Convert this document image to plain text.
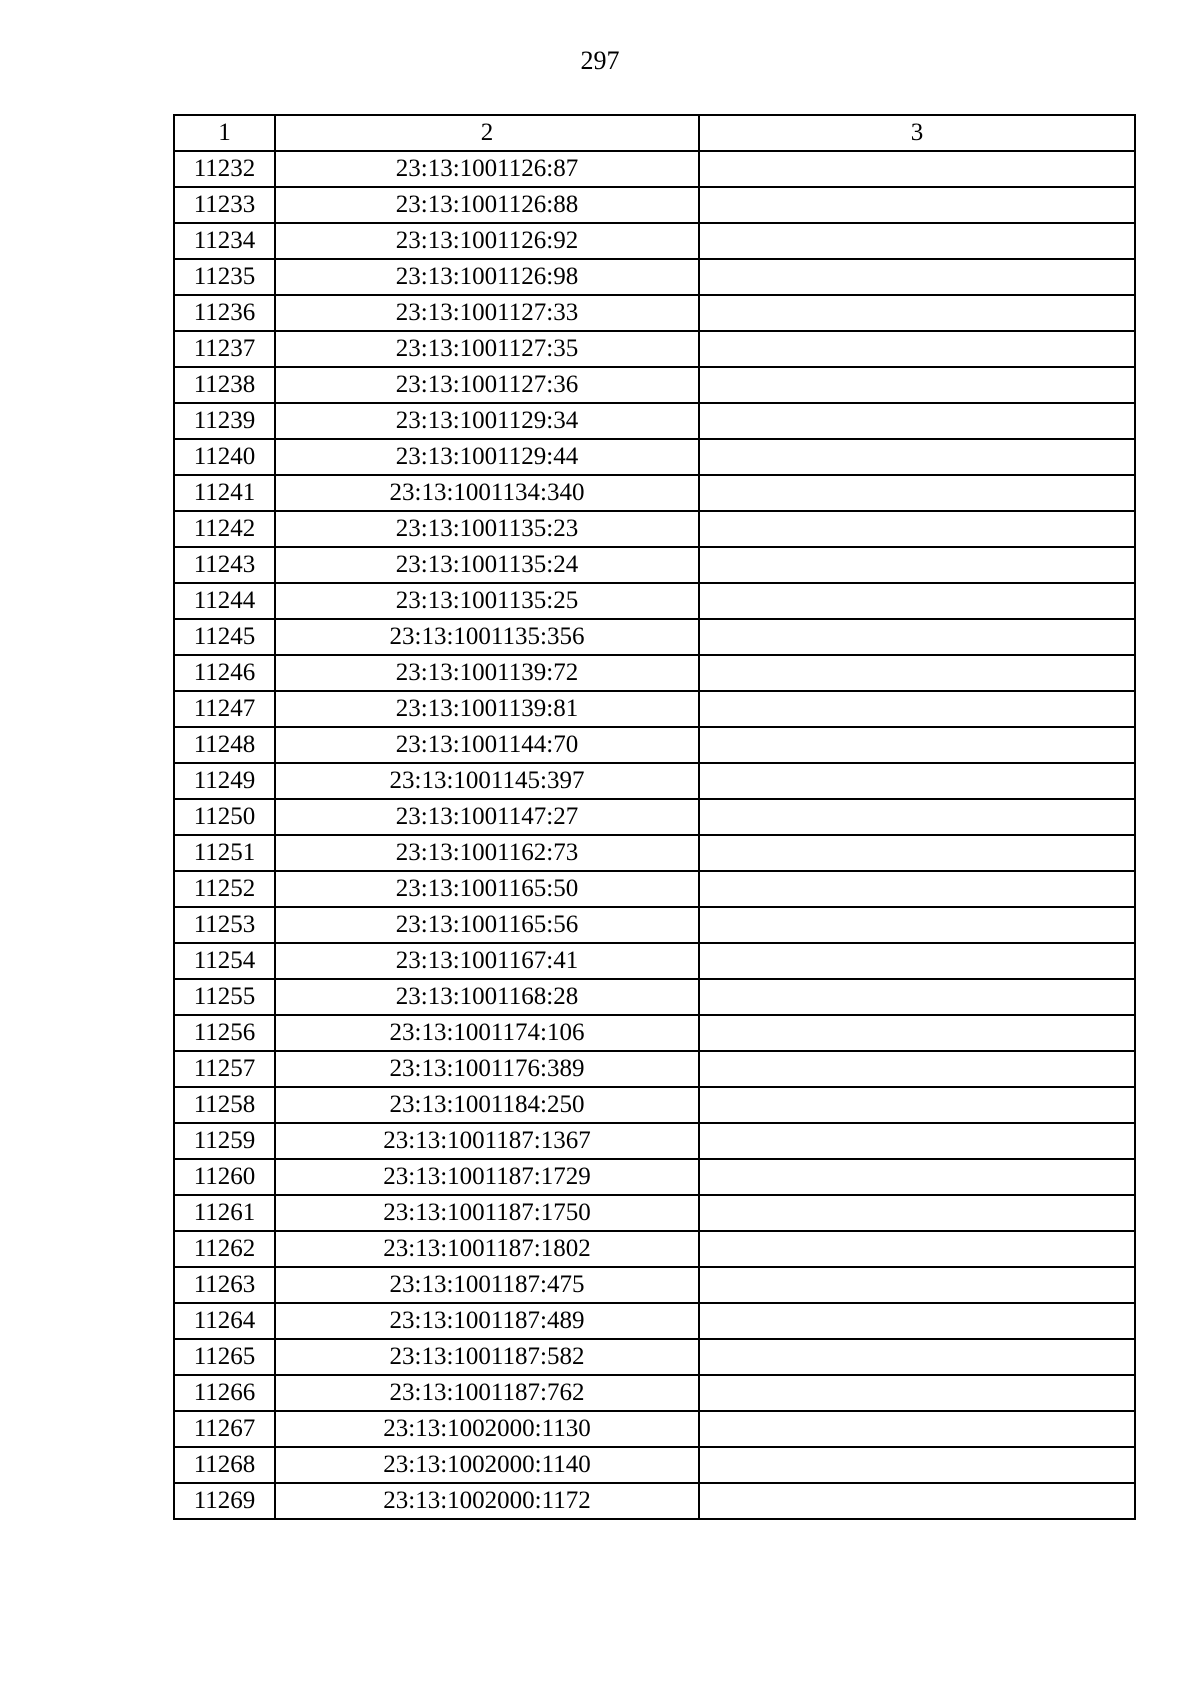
297
1	2	3
11232	23:13:1001126:87	
11233	23:13:1001126:88	
11234	23:13:1001126:92	
11235	23:13:1001126:98	
11236	23:13:1001127:33	
11237	23:13:1001127:35	
11238	23:13:1001127:36	
11239	23:13:1001129:34	
11240	23:13:1001129:44	
11241	23:13:1001134:340	
11242	23:13:1001135:23	
11243	23:13:1001135:24	
11244	23:13:1001135:25	
11245	23:13:1001135:356	
11246	23:13:1001139:72	
11247	23:13:1001139:81	
11248	23:13:1001144:70	
11249	23:13:1001145:397	
11250	23:13:1001147:27	
11251	23:13:1001162:73	
11252	23:13:1001165:50	
11253	23:13:1001165:56	
11254	23:13:1001167:41	
11255	23:13:1001168:28	
11256	23:13:1001174:106	
11257	23:13:1001176:389	
11258	23:13:1001184:250	
11259	23:13:1001187:1367	
11260	23:13:1001187:1729	
11261	23:13:1001187:1750	
11262	23:13:1001187:1802	
11263	23:13:1001187:475	
11264	23:13:1001187:489	
11265	23:13:1001187:582	
11266	23:13:1001187:762	
11267	23:13:1002000:1130	
11268	23:13:1002000:1140	
11269	23:13:1002000:1172	
